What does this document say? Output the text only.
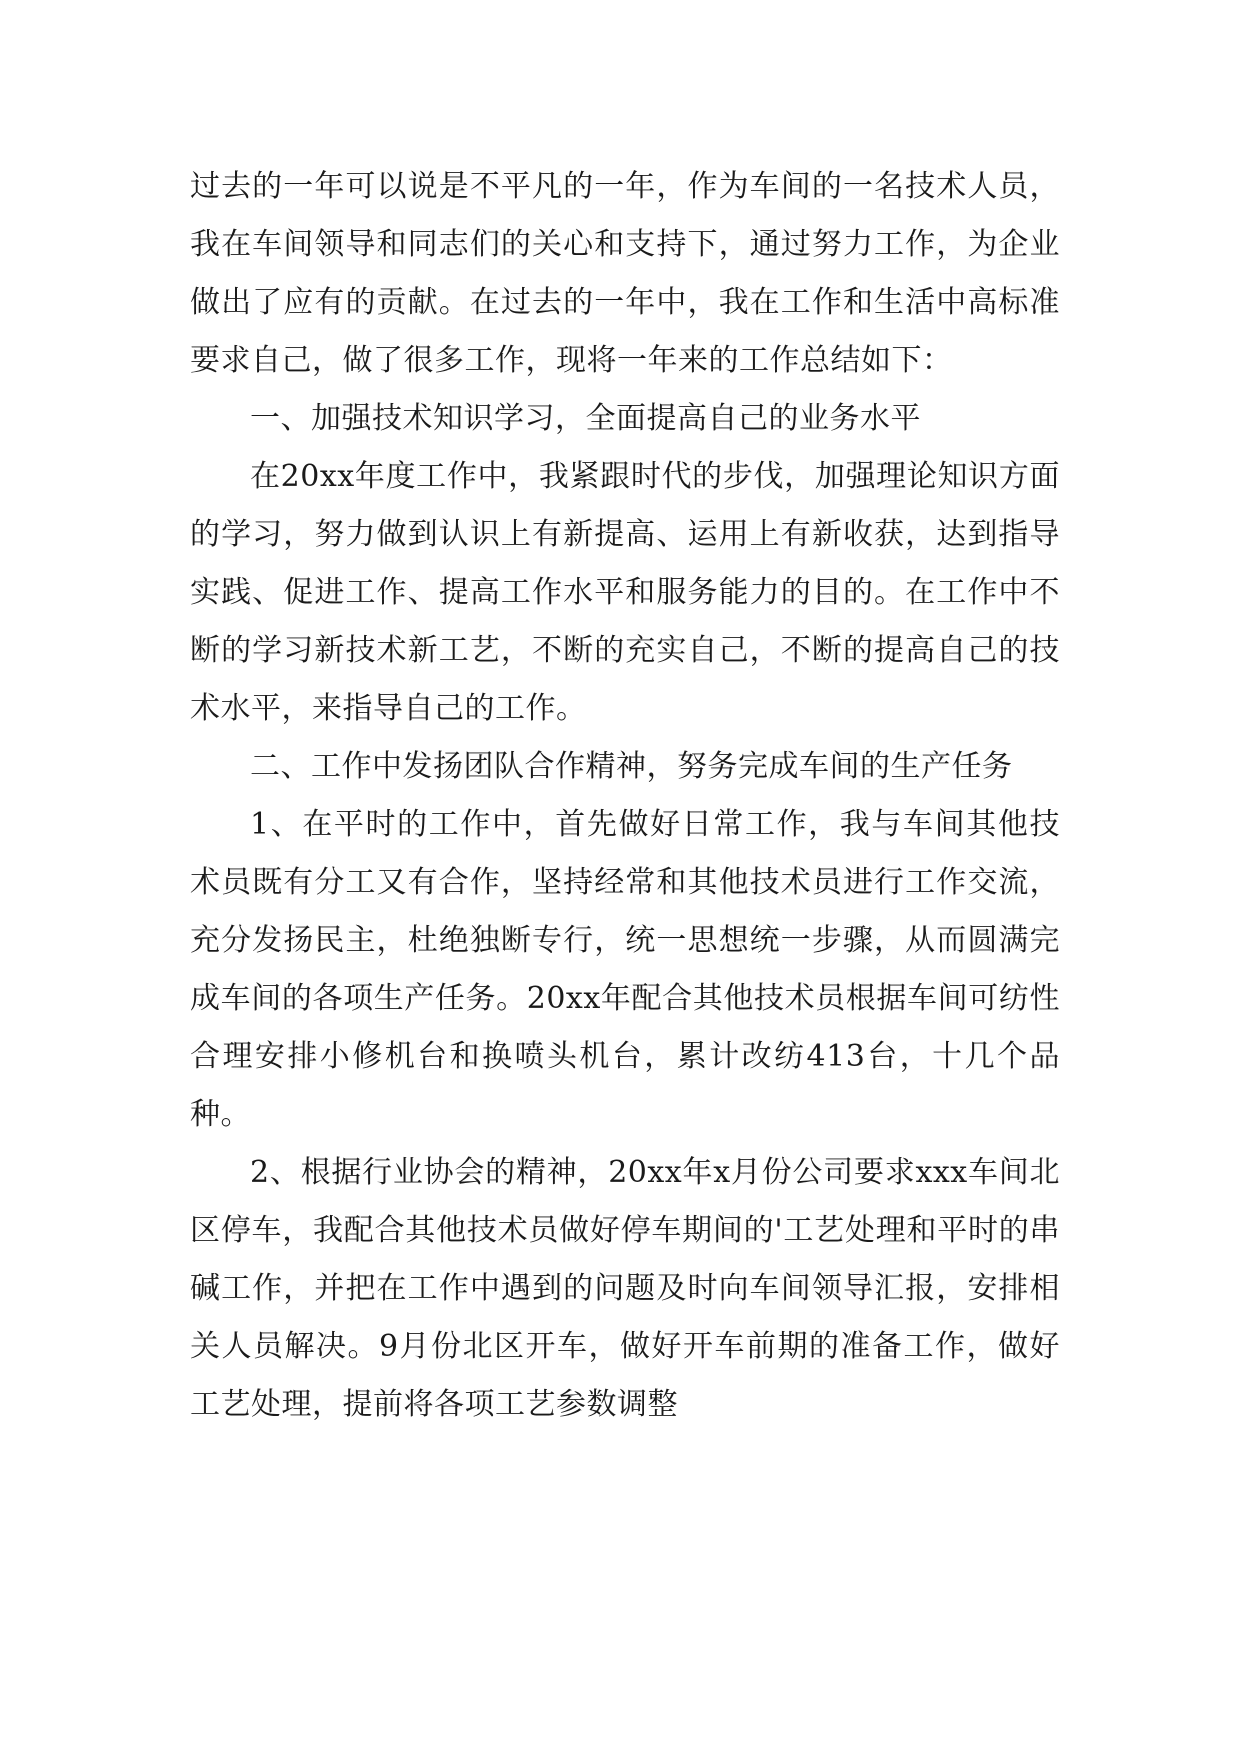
过去的一年可以说是不平凡的一年，作为车间的一名技术人员，我在车间领导和同志们的关心和支持下，通过努力工作，为企业做出了应有的贡献。在过去的一年中，我在工作和生活中高标准要求自己，做了很多工作，现将一年来的工作总结如下：

一、加强技术知识学习，全面提高自己的业务水平

在20xx年度工作中，我紧跟时代的步伐，加强理论知识方面的学习，努力做到认识上有新提高、运用上有新收获，达到指导实践、促进工作、提高工作水平和服务能力的目的。在工作中不断的学习新技术新工艺，不断的充实自己，不断的提高自己的技术水平，来指导自己的工作。

二、工作中发扬团队合作精神，努务完成车间的生产任务

1、在平时的工作中，首先做好日常工作，我与车间其他技术员既有分工又有合作，坚持经常和其他技术员进行工作交流，充分发扬民主，杜绝独断专行，统一思想统一步骤，从而圆满完成车间的各项生产任务。20xx年配合其他技术员根据车间可纺性合理安排小修机台和换喷头机台，累计改纺413台，十几个品种。

2、根据行业协会的精神，20xx年x月份公司要求xxx车间北区停车，我配合其他技术员做好停车期间的'工艺处理和平时的串碱工作，并把在工作中遇到的问题及时向车间领导汇报，安排相关人员解决。9月份北区开车，做好开车前期的准备工作，做好工艺处理，提前将各项工艺参数调整
